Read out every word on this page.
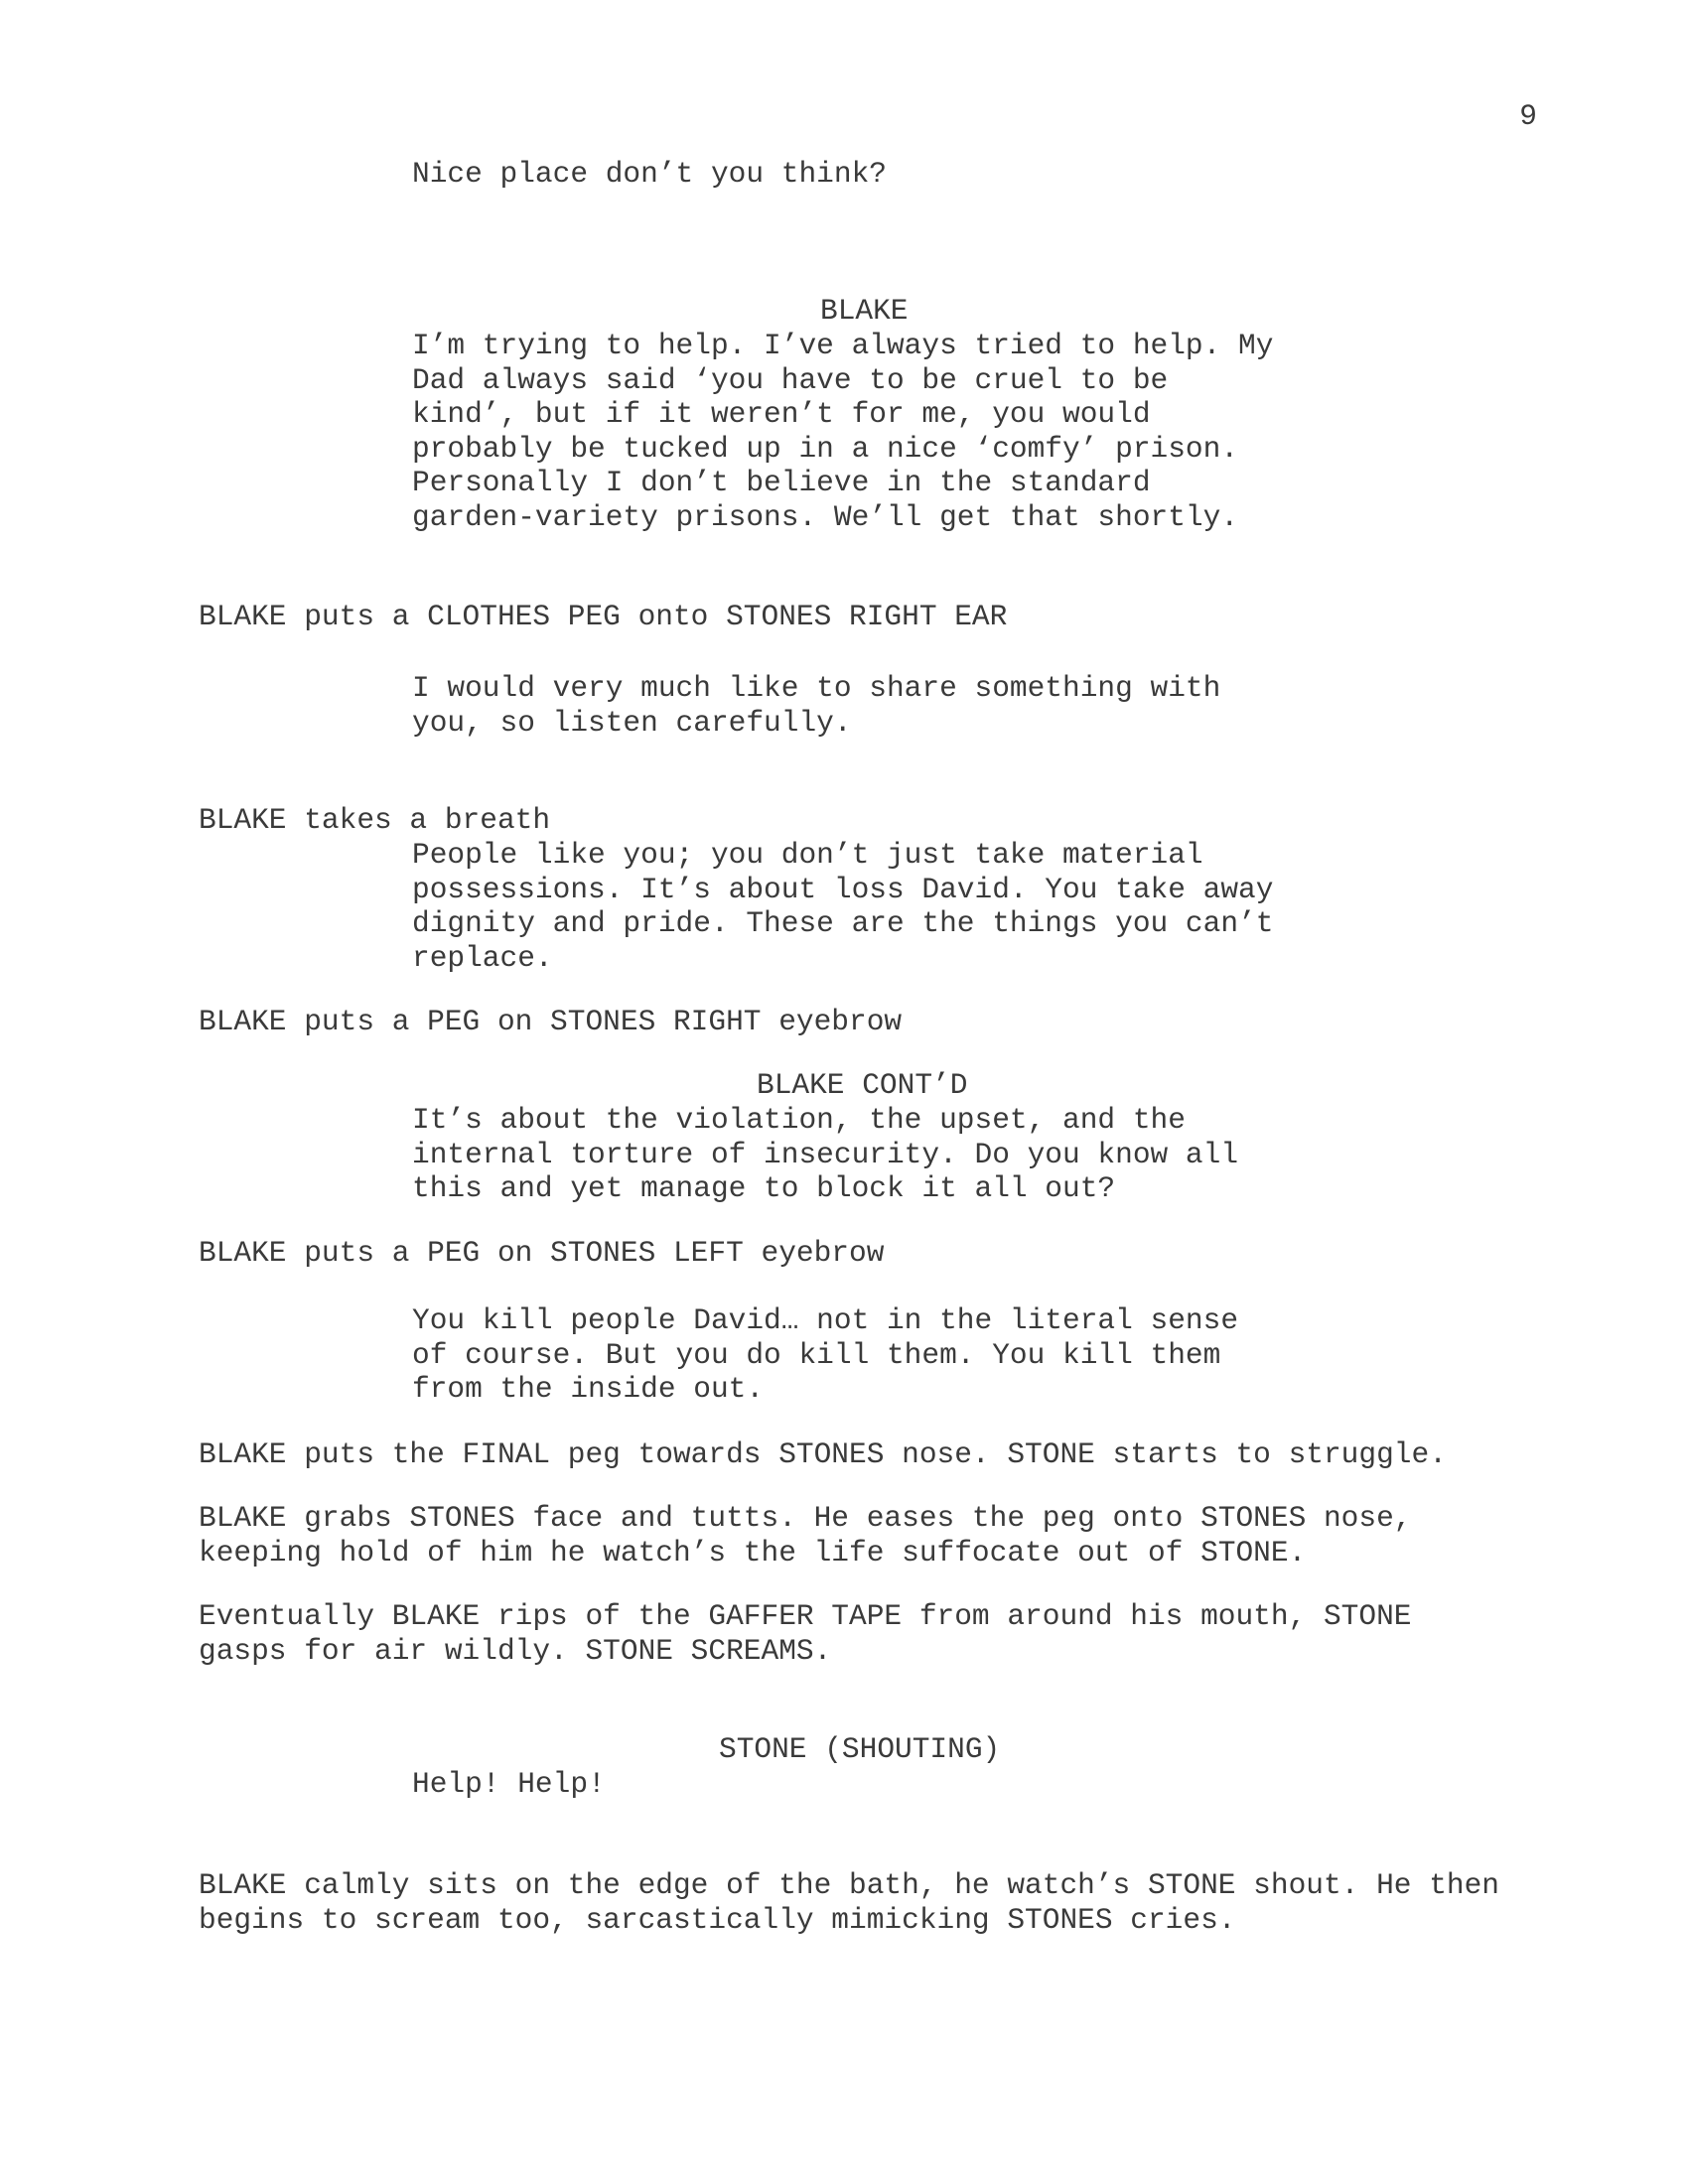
9
Nice place don’t you think?
BLAKE
I’m trying to help. I’ve always tried to help. My
Dad always said ‘you have to be cruel to be
kind’, but if it weren’t for me, you would
probably be tucked up in a nice ‘comfy’ prison.
Personally I don’t believe in the standard
garden-variety prisons. We’ll get that shortly.
BLAKE puts a CLOTHES PEG onto STONES RIGHT EAR
I would very much like to share something with
you, so listen carefully.
BLAKE takes a breath
People like you; you don’t just take material
possessions. It’s about loss David. You take away
dignity and pride. These are the things you can’t
replace.
BLAKE puts a PEG on STONES RIGHT eyebrow
BLAKE CONT’D
It’s about the violation, the upset, and the
internal torture of insecurity. Do you know all
this and yet manage to block it all out?
BLAKE puts a PEG on STONES LEFT eyebrow
You kill people David… not in the literal sense
of course. But you do kill them. You kill them
from the inside out.
BLAKE puts the FINAL peg towards STONES nose. STONE starts to struggle.
BLAKE grabs STONES face and tutts. He eases the peg onto STONES nose,
keeping hold of him he watch’s the life suffocate out of STONE.
Eventually BLAKE rips of the GAFFER TAPE from around his mouth, STONE
gasps for air wildly. STONE SCREAMS.
STONE (SHOUTING)
Help! Help!
BLAKE calmly sits on the edge of the bath, he watch’s STONE shout. He then
begins to scream too, sarcastically mimicking STONES cries.
